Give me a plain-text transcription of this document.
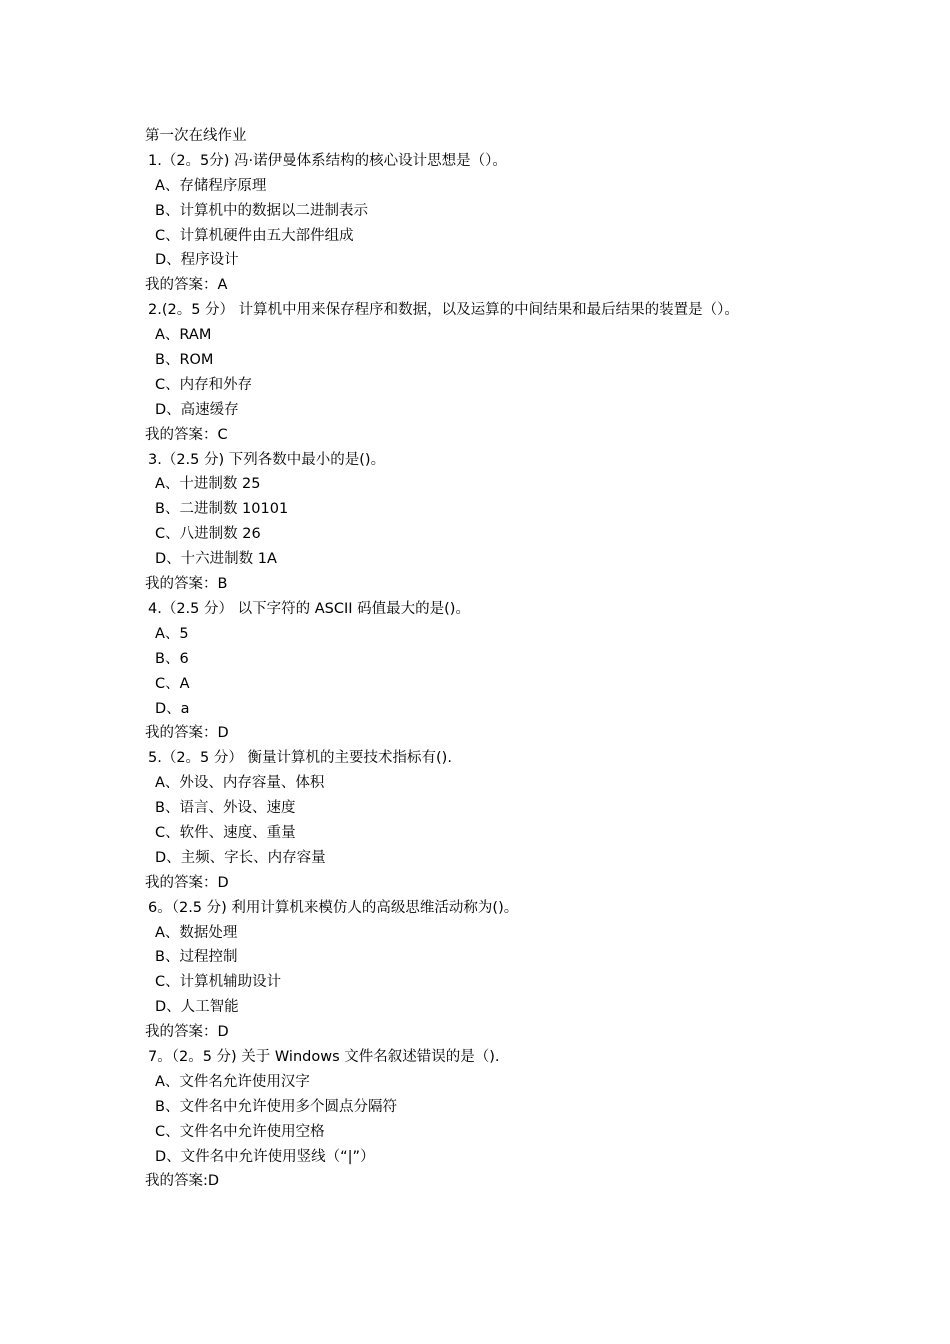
第一次在线作业
1.（2。5分) 冯·诺伊曼体系结构的核心设计思想是（）。
A、存储程序原理
B、计算机中的数据以二进制表示
C、计算机硬件由五大部件组成
D、程序设计
我的答案：A
2.(2。5 分） 计算机中用来保存程序和数据，以及运算的中间结果和最后结果的装置是（）。
A、RAM
B、ROM
C、内存和外存
D、高速缓存
我的答案：C
3.（2.5 分) 下列各数中最小的是()。
A、十进制数 25
B、二进制数 10101
C、八进制数 26
D、十六进制数 1A
我的答案：B
4.（2.5 分） 以下字符的 ASCII 码值最大的是()。
A、5
B、6
C、A
D、a
我的答案：D
5.（2。5 分） 衡量计算机的主要技术指标有().
A、外设、内存容量、体积
B、语言、外设、速度
C、软件、速度、重量
D、主频、字长、内存容量
我的答案：D
6。（2.5 分) 利用计算机来模仿人的高级思维活动称为()。
A、数据处理
B、过程控制
C、计算机辅助设计
D、人工智能
我的答案：D
7。（2。5 分) 关于 Windows 文件名叙述错误的是（).
A、文件名允许使用汉字
B、文件名中允许使用多个圆点分隔符
C、文件名中允许使用空格
D、文件名中允许使用竖线（“|”）
我的答案:D
